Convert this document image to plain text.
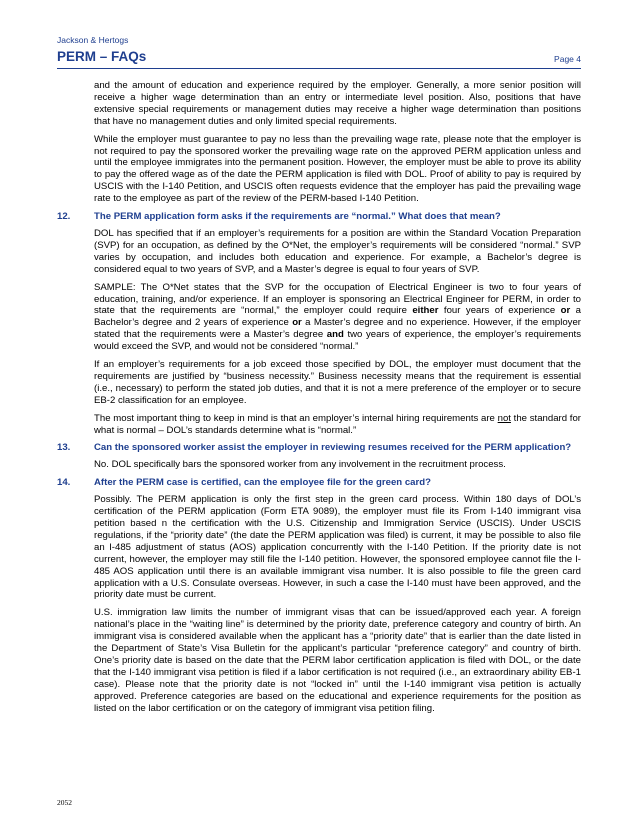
Jackson & Hertogs
PERM – FAQs	Page 4

and the amount of education and experience required by the employer. Generally, a more senior position will receive a higher wage determination than an entry or intermediate level position. Also, positions that have extensive special requirements or management duties may receive a higher wage determination than positions that have no management duties and only limited special requirements.

While the employer must guarantee to pay no less than the prevailing wage rate, please note that the employer is not required to pay the sponsored worker the prevailing wage rate on the approved PERM application unless and until the employee immigrates into the permanent position. However, the employer must be able to prove its ability to pay the offered wage as of the date the PERM application is filed with DOL. Proof of ability to pay is required by USCIS with the I-140 Petition, and USCIS often requests evidence that the employer has paid the prevailing wage rate to the employee as part of the review of the PERM-based I-140 Petition.

12.	The PERM application form asks if the requirements are “normal.” What does that mean?

DOL has specified that if an employer’s requirements for a position are within the Standard Vocation Preparation (SVP) for an occupation, as defined by the O*Net, the employer’s requirements will be considered “normal.” SVP varies by occupation, and includes both education and experience. For example, a Bachelor’s degree is considered equal to two years of SVP, and a Master’s degree is equal to four years of SVP.

SAMPLE: The O*Net states that the SVP for the occupation of Electrical Engineer is two to four years of education, training, and/or experience. If an employer is sponsoring an Electrical Engineer for PERM, in order to state that the requirements are “normal,” the employer could require either four years of experience or a Bachelor’s degree and 2 years of experience or a Master’s degree and no experience. However, if the employer stated that the requirements were a Master’s degree and two years of experience, the employer’s requirements would exceed the SVP, and would not be considered “normal.”

If an employer’s requirements for a job exceed those specified by DOL, the employer must document that the requirements are justified by “business necessity.” Business necessity means that the requirement is essential (i.e., necessary) to perform the stated job duties, and that it is not a mere preference of the employer or to secure EB-2 classification for an employee.

The most important thing to keep in mind is that an employer’s internal hiring requirements are not the standard for what is normal – DOL’s standards determine what is “normal.”

13.	Can the sponsored worker assist the employer in reviewing resumes received for the PERM application?

No. DOL specifically bars the sponsored worker from any involvement in the recruitment process.

14.	After the PERM case is certified, can the employee file for the green card?

Possibly. The PERM application is only the first step in the green card process. Within 180 days of DOL’s certification of the PERM application (Form ETA 9089), the employer must file its From I-140 immigrant visa petition based n the certification with the U.S. Citizenship and Immigration Service (USCIS). Under USCIS regulations, if the “priority date” (the date the PERM application was filed) is current, it may be possible to also file an I-485 adjustment of status (AOS) application concurrently with the I-140 Petition. If the priority date is not current, however, the employer may still file the I-140 petition. However, the sponsored employee cannot file the I-485 AOS application until there is an available immigrant visa number. It is also possible to file the green card application with a U.S. Consulate overseas. However, in such a case the I-140 must have been approved, and the priority date must be current.

U.S. immigration law limits the number of immigrant visas that can be issued/approved each year. A foreign national’s place in the “waiting line” is determined by the priority date, preference category and country of birth. An immigrant visa is considered available when the applicant has a “priority date” that is earlier than the date listed in the Department of State’s Visa Bulletin for the applicant’s particular “preference category” and country of birth. One’s priority date is based on the date that the PERM labor certification application is filed with DOL, or the date that the I-140 immigrant visa petition is filed if a labor certification is not required (i.e., an extraordinary ability EB-1 case). Please note that the priority date is not “locked in” until the I-140 immigrant visa petition is actually approved. Preference categories are based on the educational and experience requirements for the position as listed on the labor certification or on the category of immigrant visa petition filing.

2052
